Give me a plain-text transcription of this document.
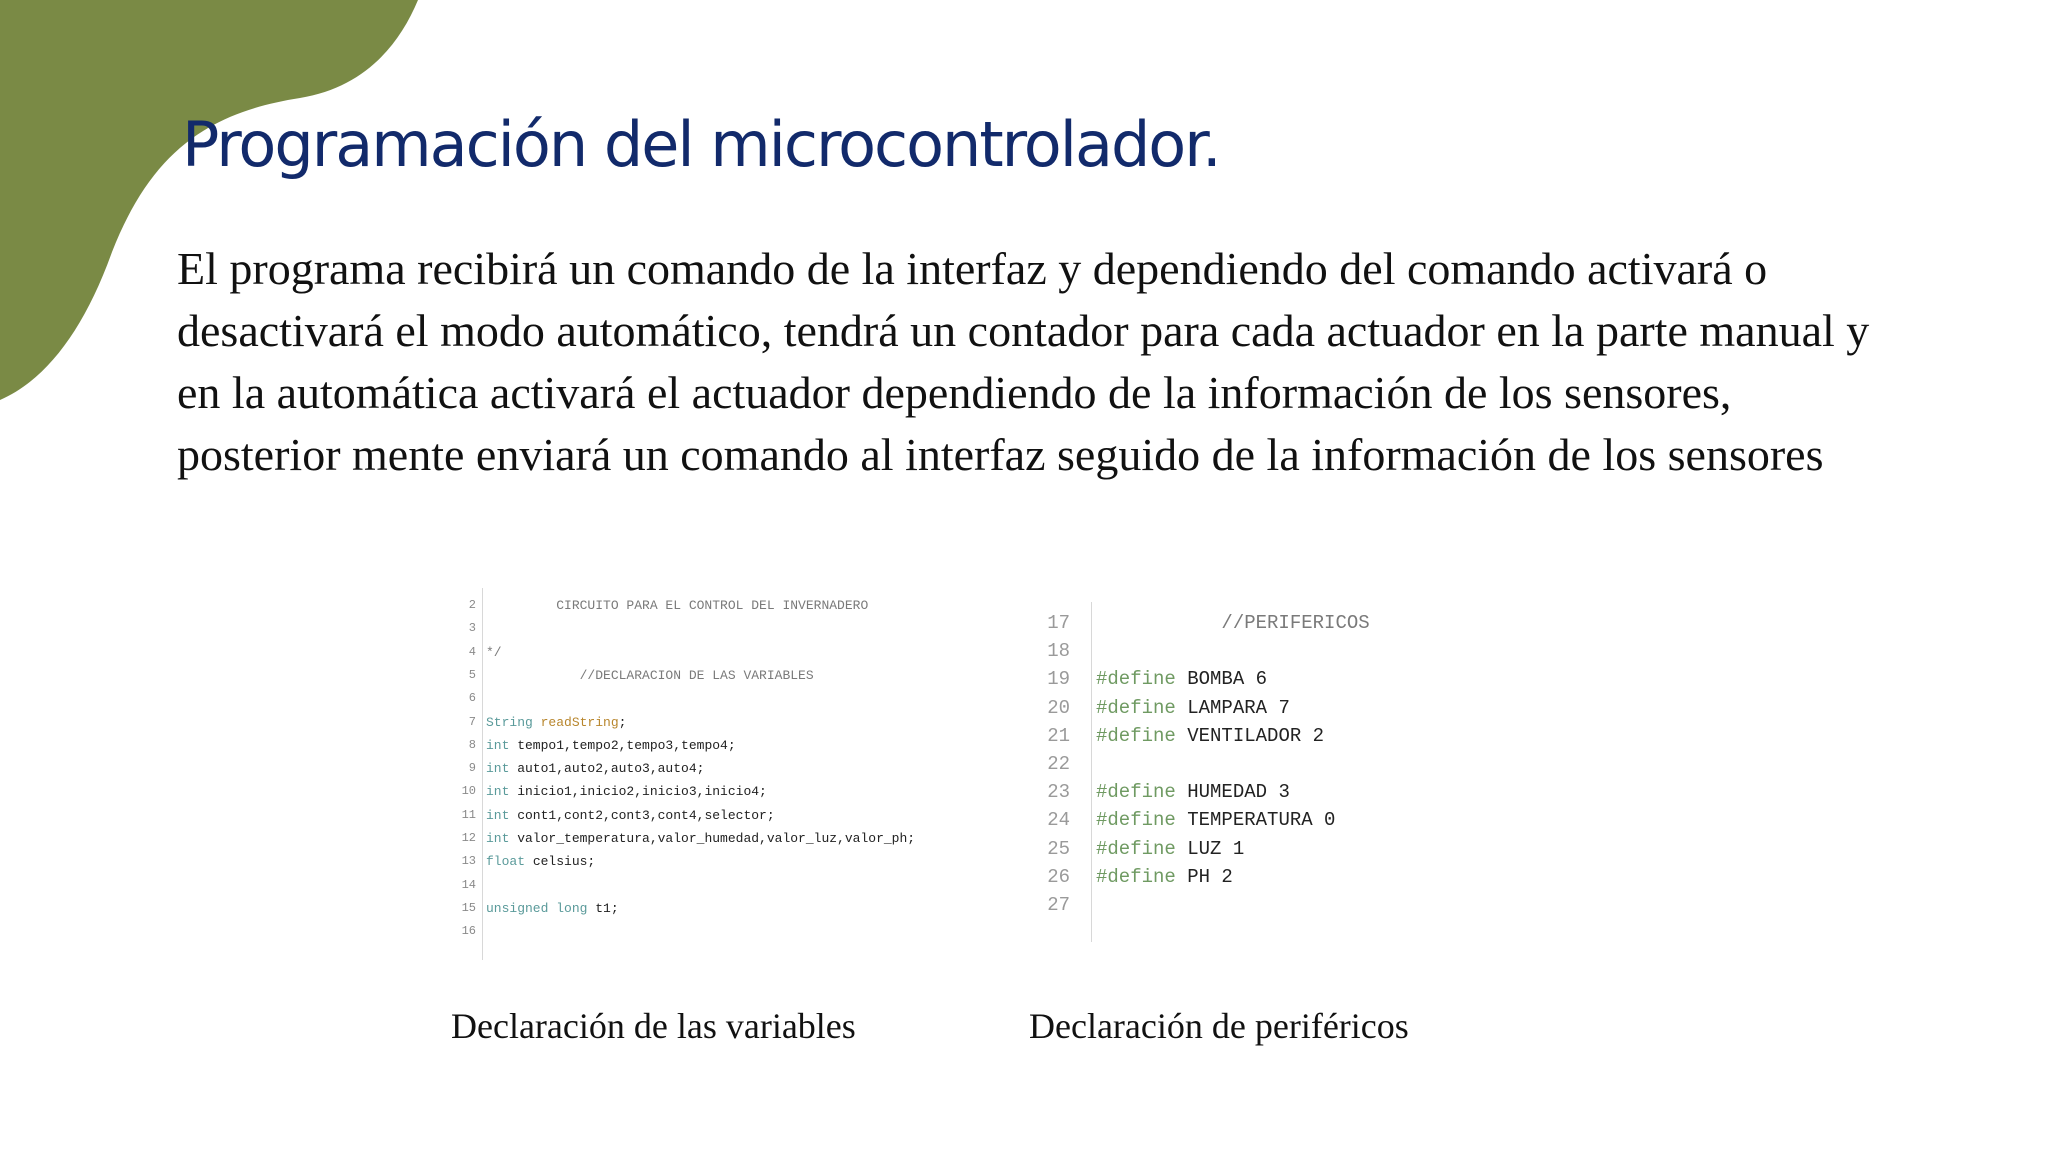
Programación del microcontrolador.

El programa recibirá un comando de la interfaz y dependiendo del comando activará o desactivará el modo automático, tendrá un contador para cada actuador en la parte manual y en la automática activará el actuador dependiendo de la información de los sensores, posterior mente enviará un comando al interfaz seguido de la información de los sensores

2 CIRCUITO PARA EL CONTROL DEL INVERNADERO
3
4 */
5 //DECLARACION DE LAS VARIABLES
6
7 String readString;
8 int tempo1,tempo2,tempo3,tempo4;
9 int auto1,auto2,auto3,auto4;
10 int inicio1,inicio2,inicio3,inicio4;
11 int cont1,cont2,cont3,cont4,selector;
12 int valor_temperatura,valor_humedad,valor_luz,valor_ph;
13 float celsius;
14
15 unsigned long t1;
16
17 //PERIFERICOS
18
19 #define BOMBA 6
20 #define LAMPARA 7
21 #define VENTILADOR 2
22
23 #define HUMEDAD 3
24 #define TEMPERATURA 0
25 #define LUZ 1
26 #define PH 2
27

Declaración de las variables	Declaración de periféricos
